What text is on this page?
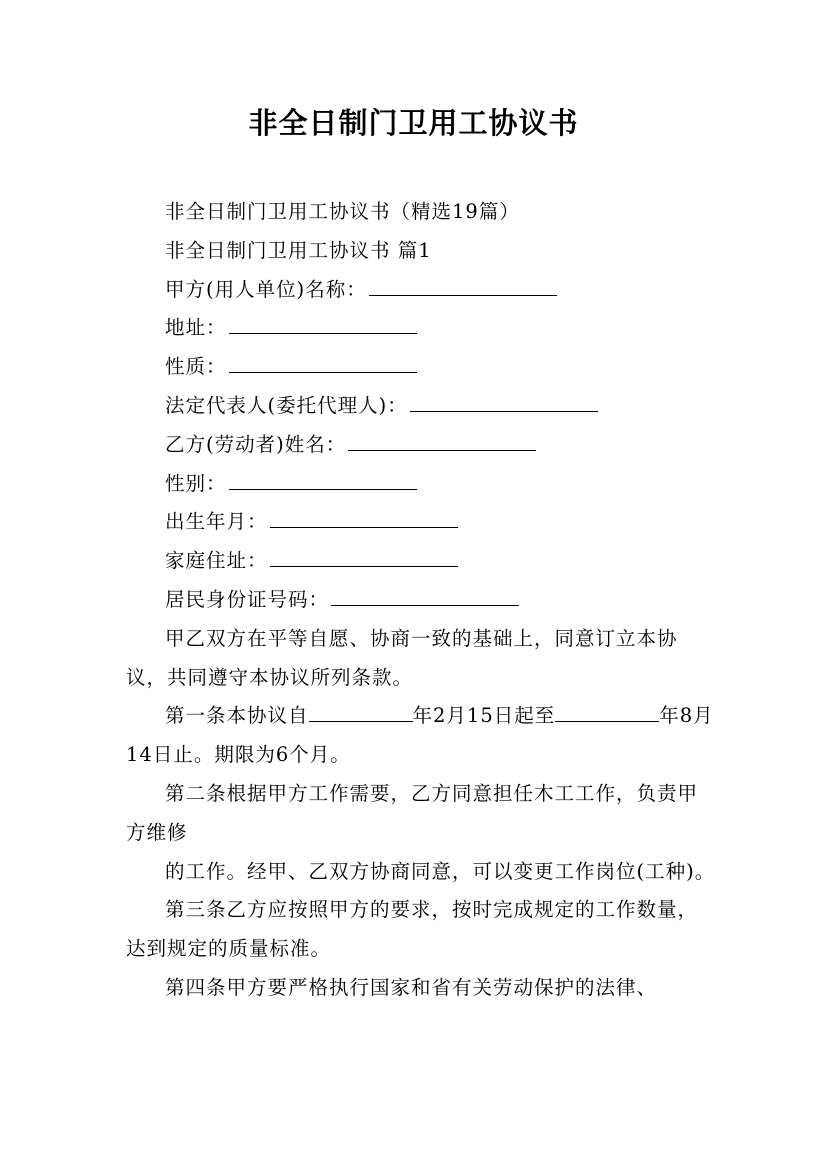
非全日制门卫用工协议书

非全日制门卫用工协议书（精选19篇）

非全日制门卫用工协议书 篇1

甲方(用人单位)名称：

地址：

性质：

法定代表人(委托代理人)：

乙方(劳动者)姓名：

性别：

出生年月：

家庭住址：

居民身份证号码：

甲乙双方在平等自愿、协商一致的基础上，同意订立本协议，共同遵守本协议所列条款。

第一条本协议自	年2月15日起至	年8月14日止。期限为6个月。

第二条根据甲方工作需要，乙方同意担任木工工作，负责甲方维修

的工作。经甲、乙双方协商同意，可以变更工作岗位(工种)。

第三条乙方应按照甲方的要求，按时完成规定的工作数量，达到规定的质量标准。

第四条甲方要严格执行国家和省有关劳动保护的法律、
